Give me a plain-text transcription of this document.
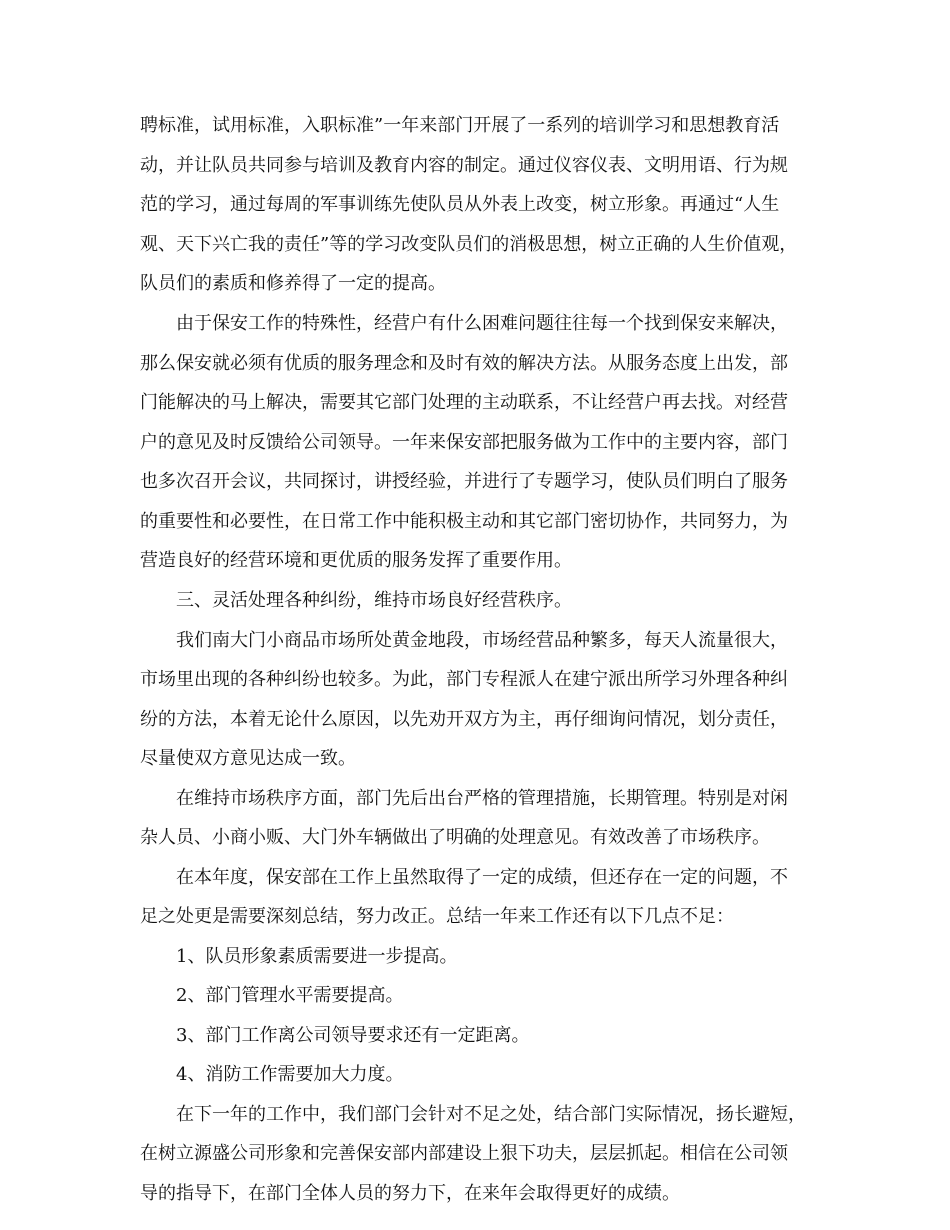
聘标准，试用标准，入职标准”一年来部门开展了一系列的培训学习和思想教育活
动，并让队员共同参与培训及教育内容的制定。通过仪容仪表、文明用语、行为规
范的学习，通过每周的军事训练先使队员从外表上改变，树立形象。再通过“人生
观、天下兴亡我的责任”等的学习改变队员们的消极思想，树立正确的人生价值观，
队员们的素质和修养得了一定的提高。
由于保安工作的特殊性，经营户有什么困难问题往往每一个找到保安来解决，
那么保安就必须有优质的服务理念和及时有效的解决方法。从服务态度上出发，部
门能解决的马上解决，需要其它部门处理的主动联系，不让经营户再去找。对经营
户的意见及时反馈给公司领导。一年来保安部把服务做为工作中的主要内容，部门
也多次召开会议，共同探讨，讲授经验，并进行了专题学习，使队员们明白了服务
的重要性和必要性，在日常工作中能积极主动和其它部门密切协作，共同努力，为
营造良好的经营环境和更优质的服务发挥了重要作用。
三、灵活处理各种纠纷，维持市场良好经营秩序。
我们南大门小商品市场所处黄金地段，市场经营品种繁多，每天人流量很大，
市场里出现的各种纠纷也较多。为此，部门专程派人在建宁派出所学习外理各种纠
纷的方法，本着无论什么原因，以先劝开双方为主，再仔细询问情况，划分责任，
尽量使双方意见达成一致。
在维持市场秩序方面，部门先后出台严格的管理措施，长期管理。特别是对闲
杂人员、小商小贩、大门外车辆做出了明确的处理意见。有效改善了市场秩序。
在本年度，保安部在工作上虽然取得了一定的成绩，但还存在一定的问题，不
足之处更是需要深刻总结，努力改正。总结一年来工作还有以下几点不足：
1、队员形象素质需要进一步提高。
2、部门管理水平需要提高。
3、部门工作离公司领导要求还有一定距离。
4、消防工作需要加大力度。
在下一年的工作中，我们部门会针对不足之处，结合部门实际情况，扬长避短，
在树立源盛公司形象和完善保安部内部建设上狠下功夫，层层抓起。相信在公司领
导的指导下，在部门全体人员的努力下，在来年会取得更好的成绩。
